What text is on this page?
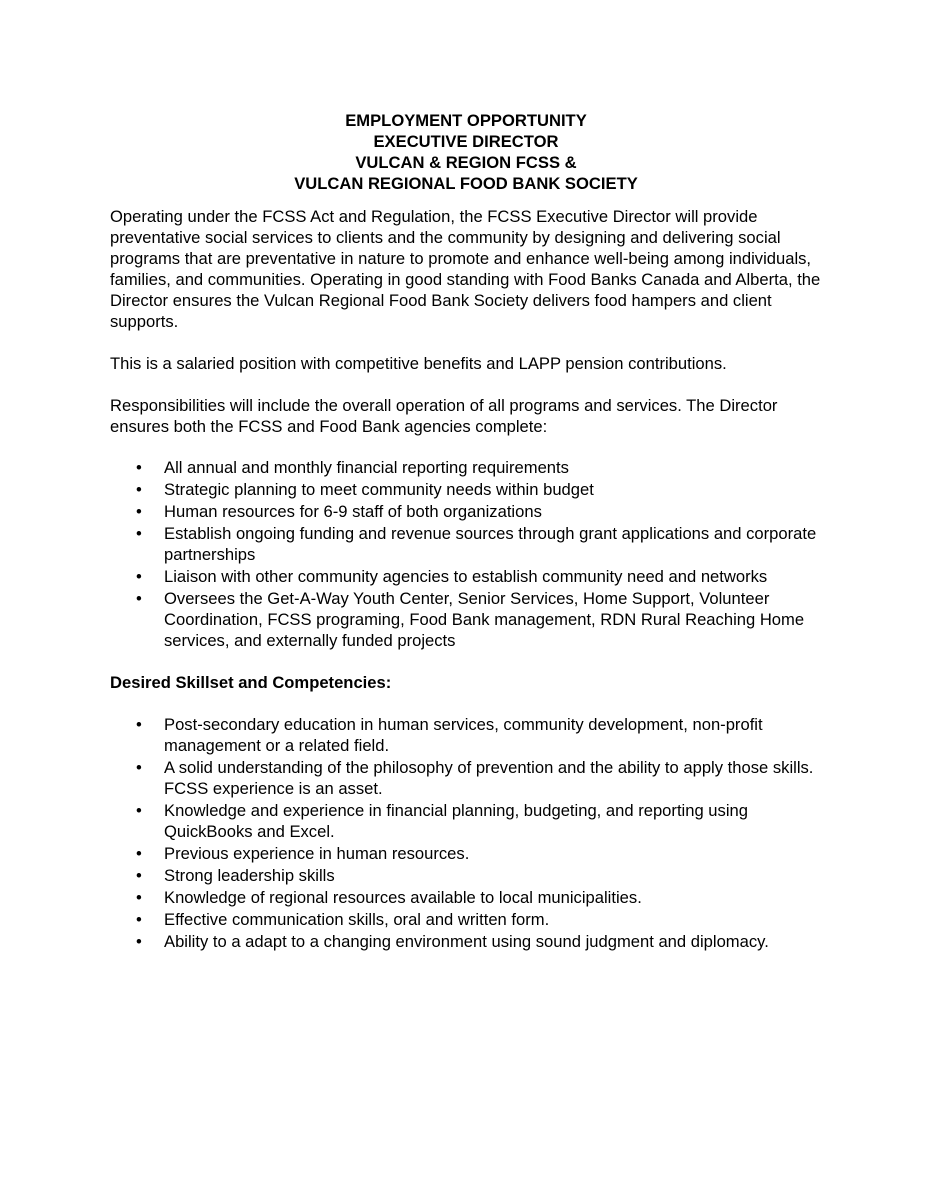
EMPLOYMENT OPPORTUNITY
EXECUTIVE DIRECTOR
VULCAN & REGION FCSS &
VULCAN REGIONAL FOOD BANK SOCIETY

Operating under the FCSS Act and Regulation, the FCSS Executive Director will provide preventative social services to clients and the community by designing and delivering social programs that are preventative in nature to promote and enhance well-being among individuals, families, and communities. Operating in good standing with Food Banks Canada and Alberta, the Director ensures the Vulcan Regional Food Bank Society delivers food hampers and client supports.

This is a salaried position with competitive benefits and LAPP pension contributions.

Responsibilities will include the overall operation of all programs and services. The Director ensures both the FCSS and Food Bank agencies complete:

• All annual and monthly financial reporting requirements
• Strategic planning to meet community needs within budget
• Human resources for 6-9 staff of both organizations
• Establish ongoing funding and revenue sources through grant applications and corporate partnerships
• Liaison with other community agencies to establish community need and networks
• Oversees the Get-A-Way Youth Center, Senior Services, Home Support, Volunteer Coordination, FCSS programing, Food Bank management, RDN Rural Reaching Home services, and externally funded projects
Desired Skillset and Competencies:
• Post-secondary education in human services, community development, non-profit management or a related field.
• A solid understanding of the philosophy of prevention and the ability to apply those skills. FCSS experience is an asset.
• Knowledge and experience in financial planning, budgeting, and reporting using QuickBooks and Excel.
• Previous experience in human resources.
• Strong leadership skills
• Knowledge of regional resources available to local municipalities.
• Effective communication skills, oral and written form.
• Ability to a adapt to a changing environment using sound judgment and diplomacy.
